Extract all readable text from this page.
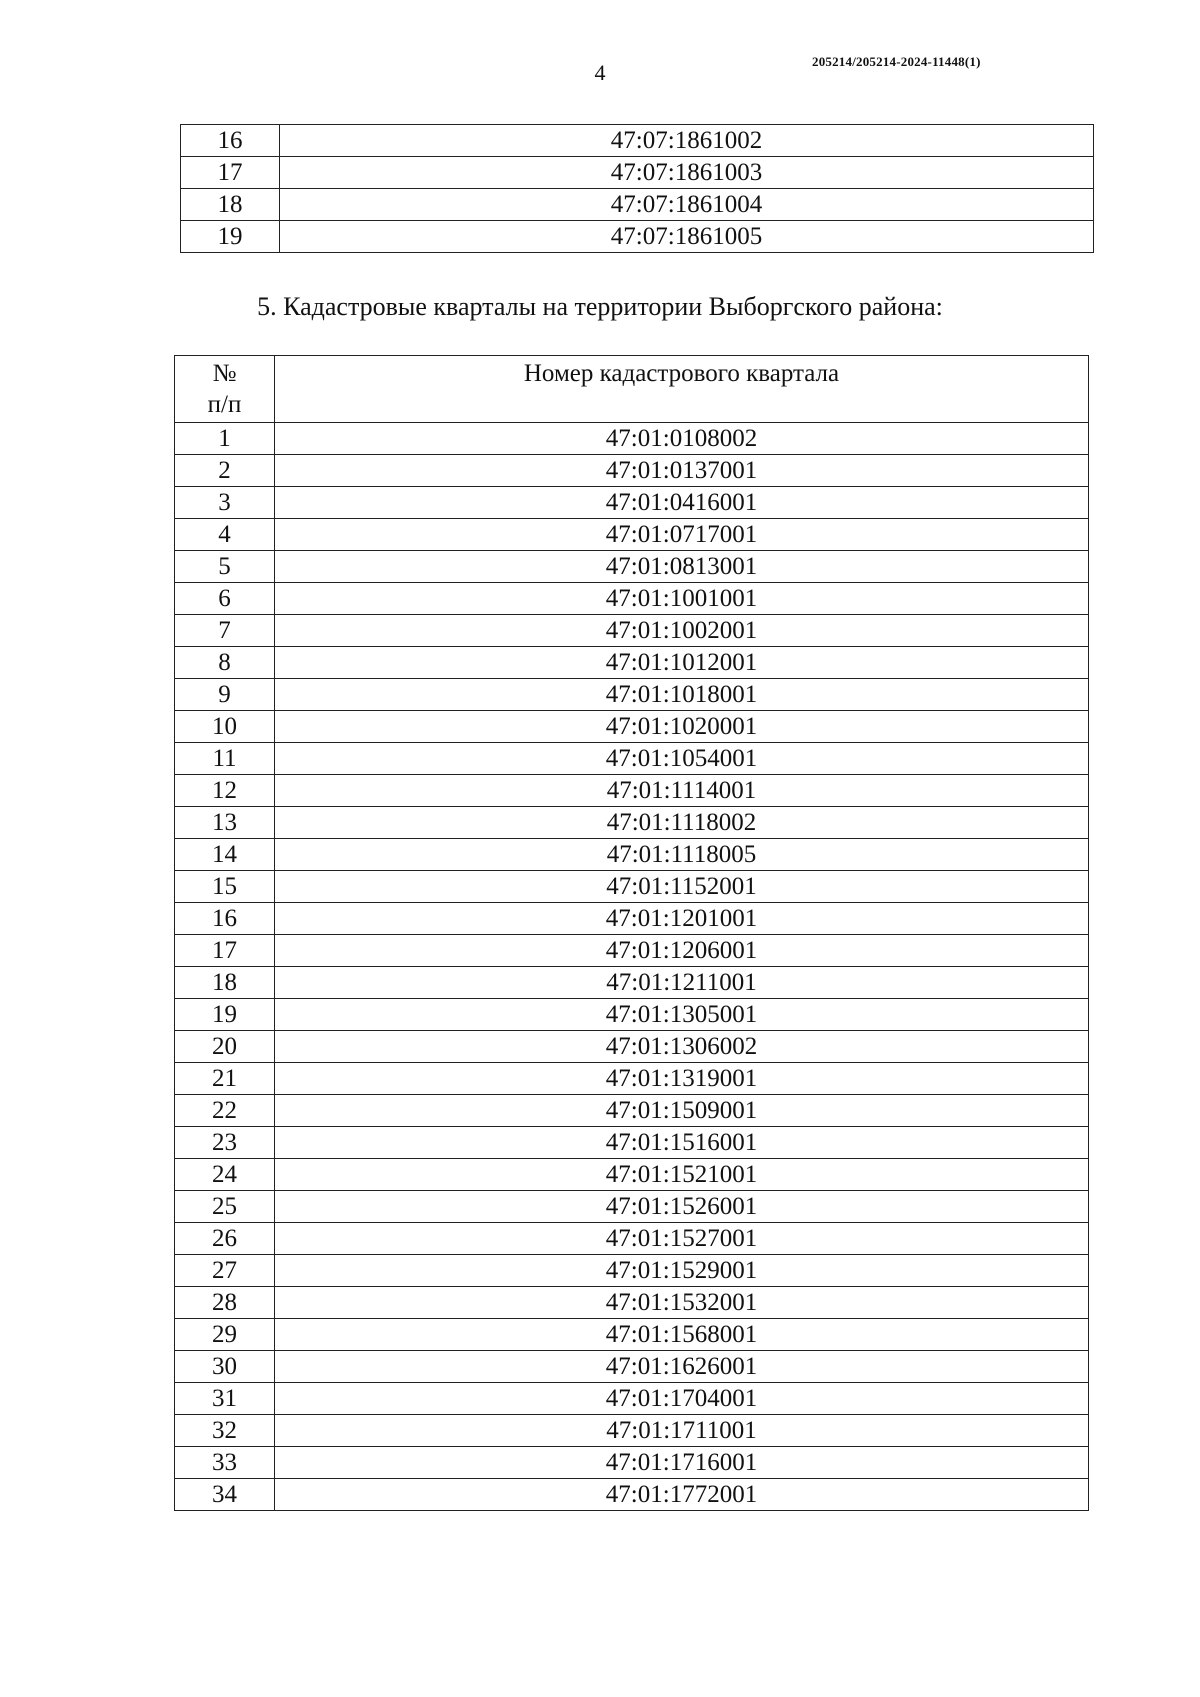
4	205214/205214-2024-11448(1)
16	47:07:1861002
17	47:07:1861003
18	47:07:1861004
19	47:07:1861005
5. Кадастровые кварталы на территории Выборгского района:
№
п/п	Номер кадастрового квартала
1	47:01:0108002
2	47:01:0137001
3	47:01:0416001
4	47:01:0717001
5	47:01:0813001
6	47:01:1001001
7	47:01:1002001
8	47:01:1012001
9	47:01:1018001
10	47:01:1020001
11	47:01:1054001
12	47:01:1114001
13	47:01:1118002
14	47:01:1118005
15	47:01:1152001
16	47:01:1201001
17	47:01:1206001
18	47:01:1211001
19	47:01:1305001
20	47:01:1306002
21	47:01:1319001
22	47:01:1509001
23	47:01:1516001
24	47:01:1521001
25	47:01:1526001
26	47:01:1527001
27	47:01:1529001
28	47:01:1532001
29	47:01:1568001
30	47:01:1626001
31	47:01:1704001
32	47:01:1711001
33	47:01:1716001
34	47:01:1772001
